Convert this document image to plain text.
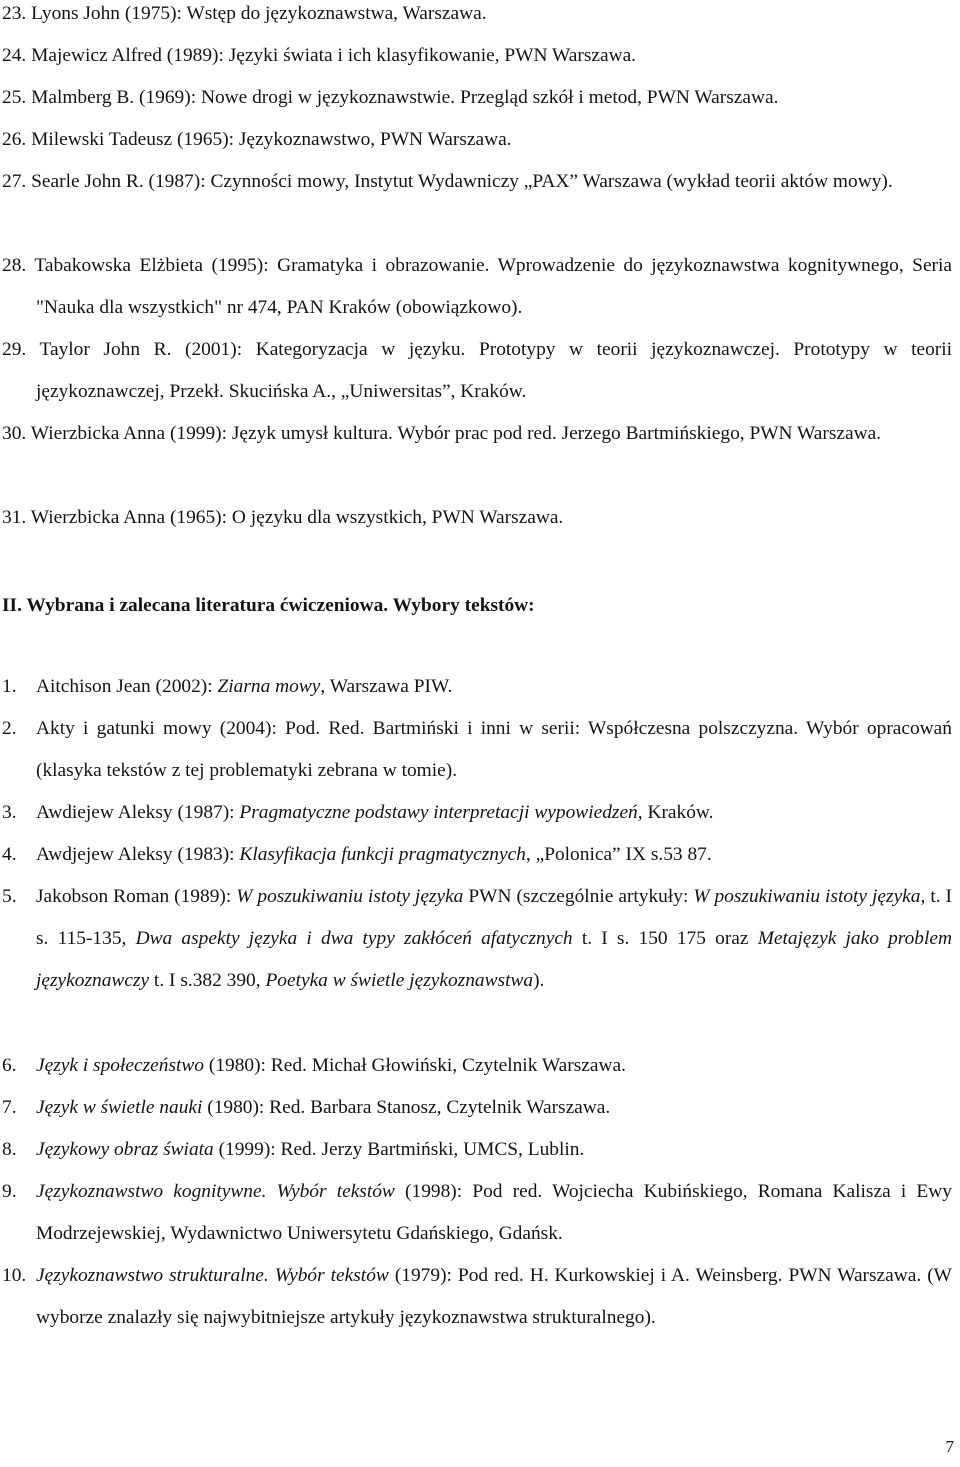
23. Lyons John (1975): Wstęp do językoznawstwa, Warszawa.
24. Majewicz Alfred (1989): Języki świata i ich klasyfikowanie, PWN Warszawa.
25. Malmberg B. (1969): Nowe drogi w językoznawstwie. Przegląd szkół i metod, PWN Warszawa.
26. Milewski Tadeusz (1965): Językoznawstwo, PWN Warszawa.
27. Searle John R. (1987): Czynności mowy, Instytut Wydawniczy „PAX” Warszawa (wykład teorii aktów mowy).
28. Tabakowska Elżbieta (1995): Gramatyka i obrazowanie. Wprowadzenie do językoznawstwa kognitywnego, Seria "Nauka dla wszystkich" nr 474, PAN Kraków (obowiązkowo).
29. Taylor John R. (2001): Kategoryzacja w języku. Prototypy w teorii językoznawczej. Prototypy w teorii językoznawczej, Przekł. Skucińska A., „Uniwersitas”, Kraków.
30. Wierzbicka Anna (1999): Język umysł kultura. Wybór prac pod red. Jerzego Bartmińskiego, PWN Warszawa.
31. Wierzbicka Anna (1965): O języku dla wszystkich, PWN Warszawa.
II. Wybrana i zalecana literatura ćwiczeniowa. Wybory tekstów:
1. Aitchison Jean (2002): Ziarna mowy, Warszawa PIW.
2. Akty i gatunki mowy (2004): Pod. Red. Bartmiński i inni w serii: Współczesna polszczyzna. Wybór opracowań (klasyka tekstów z tej problematyki zebrana w tomie).
3. Awdiejew Aleksy (1987): Pragmatyczne podstawy interpretacji wypowiedzeń, Kraków.
4. Awdjejew Aleksy (1983): Klasyfikacja funkcji pragmatycznych, „Polonica” IX s.53 87.
5. Jakobson Roman (1989): W poszukiwaniu istoty języka PWN (szczególnie artykuły: W poszukiwaniu istoty języka, t. I s. 115-135, Dwa aspekty języka i dwa typy zakłóceń afatycznych t. I s. 150 175 oraz Metajęzyk jako problem językoznawczy t. I s.382 390, Poetyka w świetle językoznawstwa).
6. Język i społeczeństwo (1980): Red. Michał Głowiński, Czytelnik Warszawa.
7. Język w świetle nauki (1980): Red. Barbara Stanosz, Czytelnik Warszawa.
8. Językowy obraz świata (1999): Red. Jerzy Bartmiński, UMCS, Lublin.
9. Językoznawstwo kognitywne. Wybór tekstów (1998): Pod red. Wojciecha Kubińskiego, Romana Kalisza i Ewy Modrzejewskiej, Wydawnictwo Uniwersytetu Gdańskiego, Gdańsk.
10. Językoznawstwo strukturalne. Wybór tekstów (1979): Pod red. H. Kurkowskiej i A. Weinsberg. PWN Warszawa. (W wyborze znalazły się najwybitniejsze artykuły językoznawstwa strukturalnego).
7
